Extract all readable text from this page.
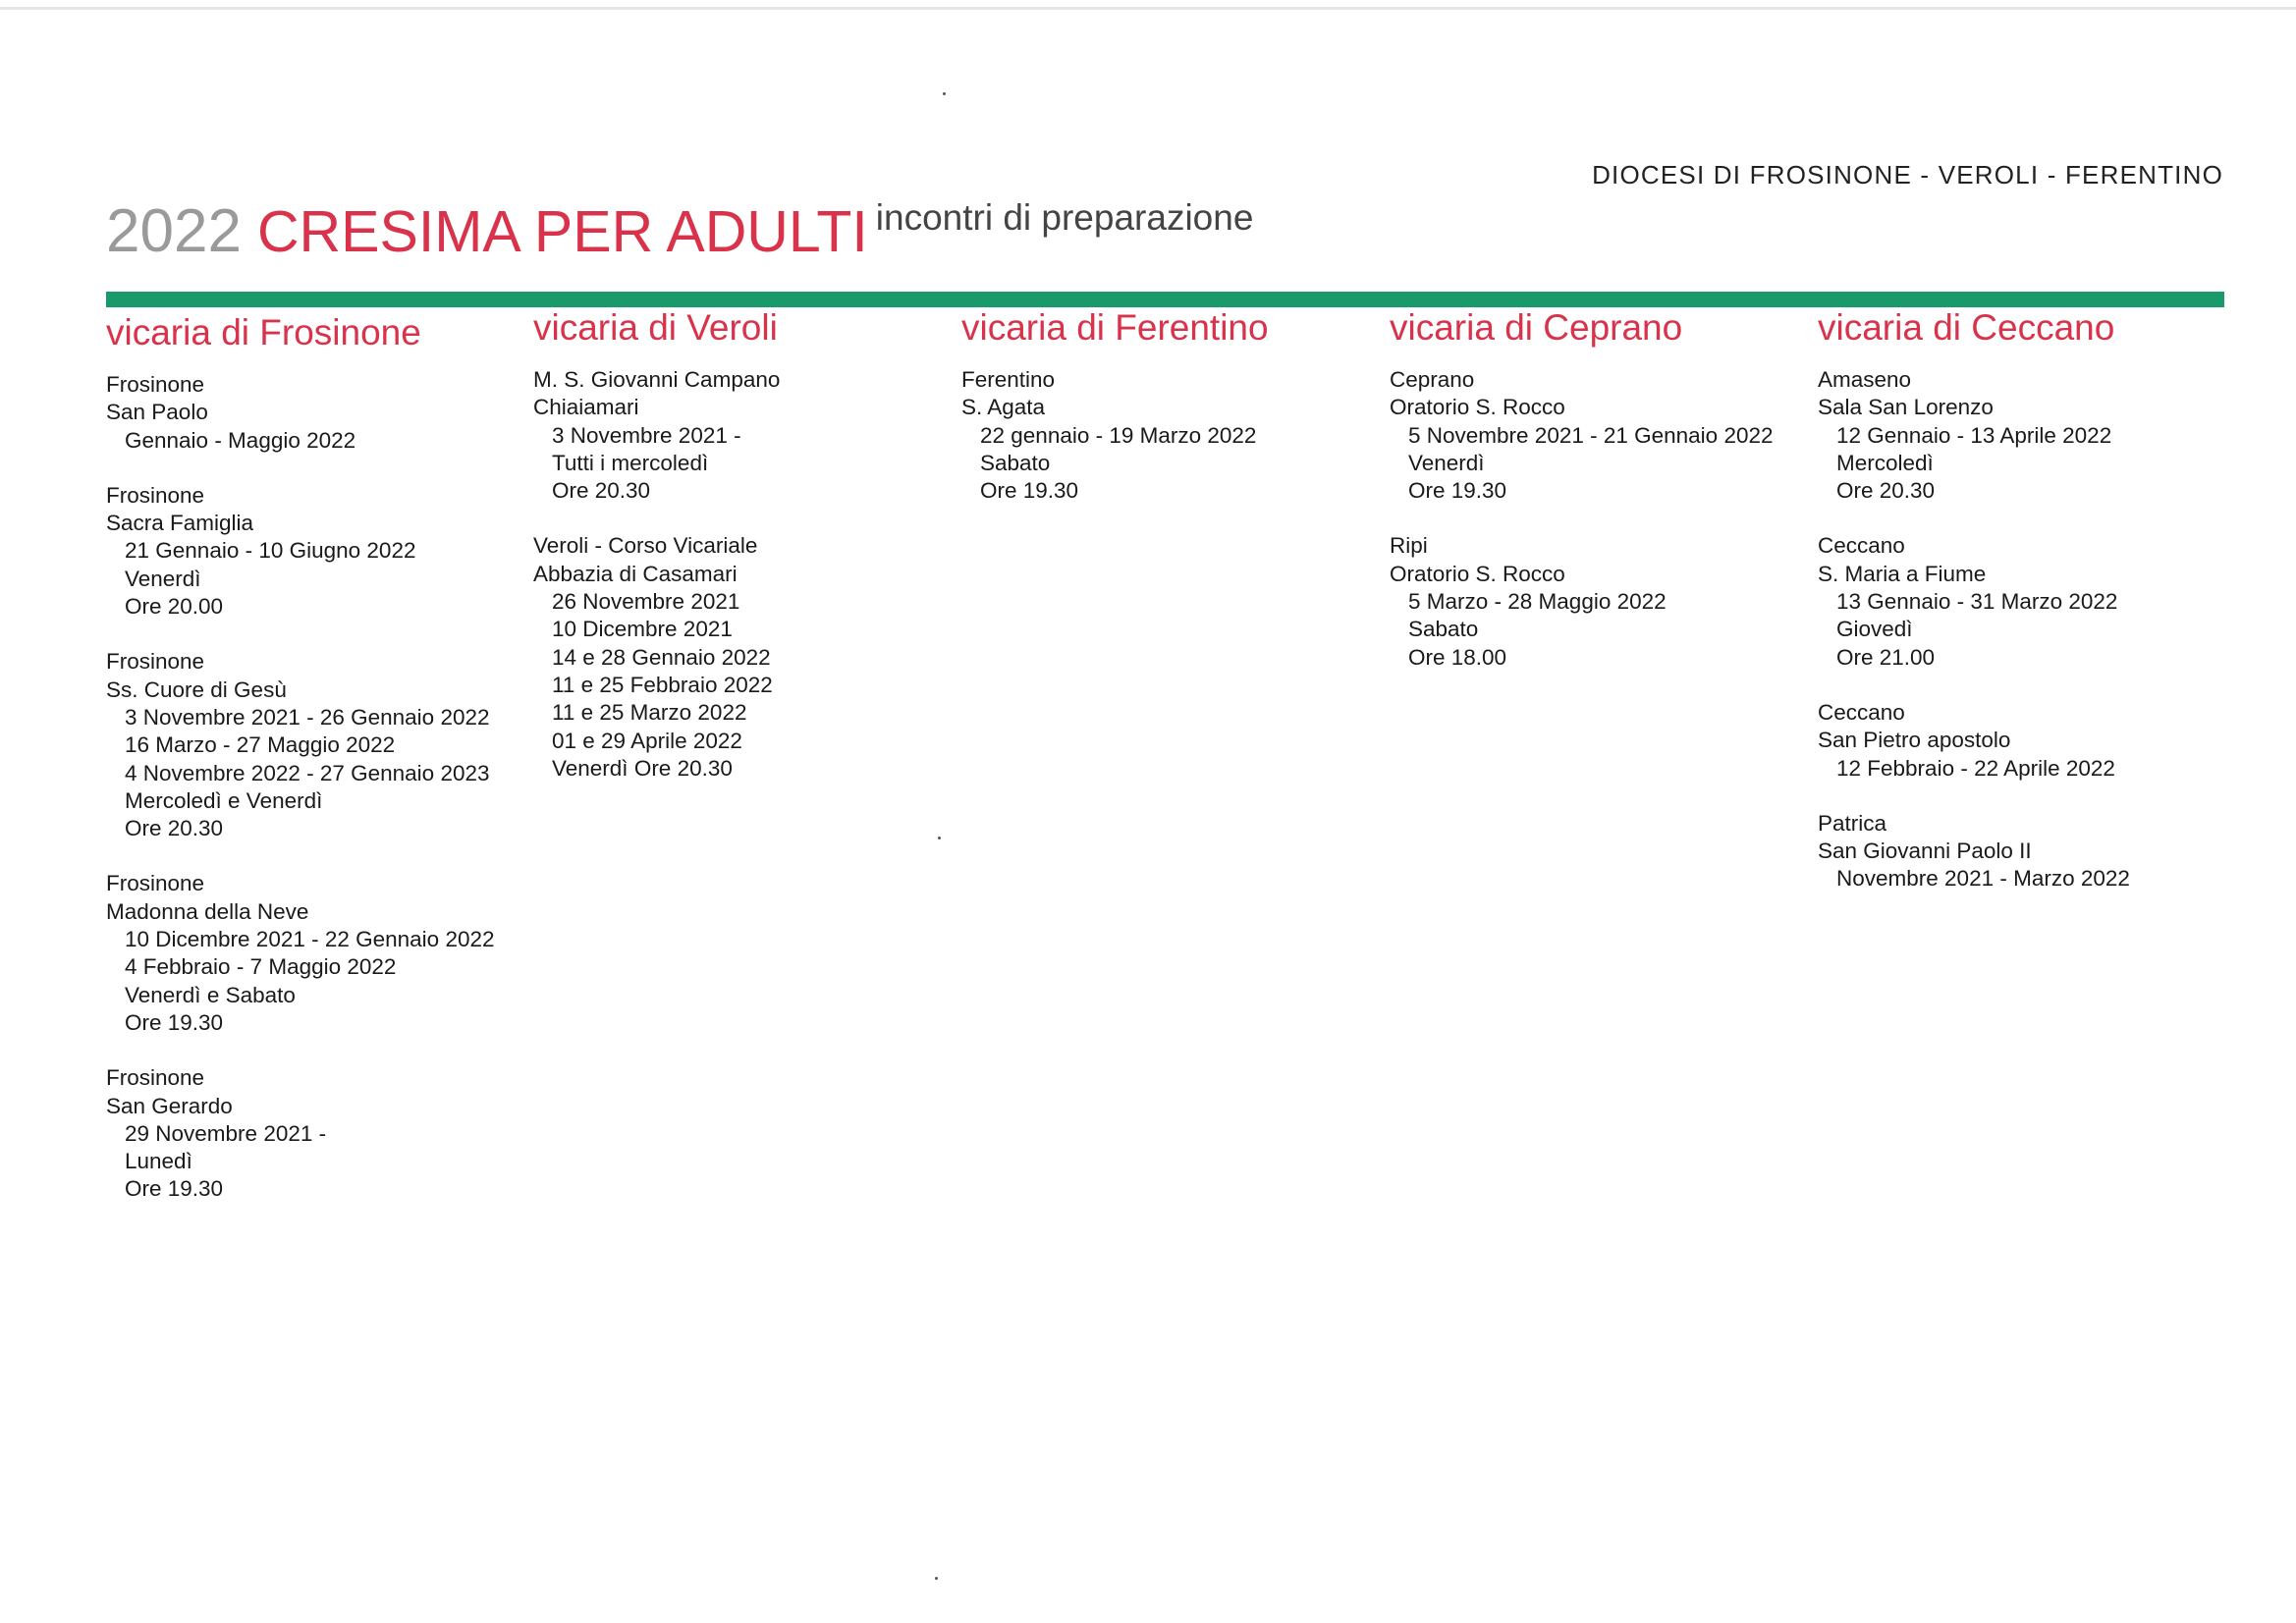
DIOCESI DI FROSINONE - VEROLI - FERENTINO
2022 CRESIMA PER ADULTI incontri di preparazione
vicaria di Frosinone
Frosinone
San Paolo
Gennaio - Maggio 2022
Frosinone
Sacra Famiglia
21 Gennaio - 10 Giugno 2022
Venerdì
Ore 20.00
Frosinone
Ss. Cuore di Gesù
3 Novembre 2021 - 26 Gennaio 2022
16 Marzo - 27 Maggio 2022
4 Novembre 2022 - 27 Gennaio 2023
Mercoledì e Venerdì
Ore 20.30
Frosinone
Madonna della Neve
10 Dicembre 2021 - 22 Gennaio 2022
4 Febbraio - 7 Maggio 2022
Venerdì e Sabato
Ore 19.30
Frosinone
San Gerardo
29 Novembre 2021 -
Lunedì
Ore 19.30
vicaria di Veroli
M. S. Giovanni Campano
Chiaiamari
3 Novembre 2021 -
Tutti i mercoledì
Ore 20.30
Veroli - Corso Vicariale
Abbazia di Casamari
26 Novembre 2021
10 Dicembre 2021
14 e 28 Gennaio 2022
11 e 25 Febbraio 2022
11 e 25 Marzo 2022
01 e 29 Aprile 2022
Venerdì Ore 20.30
vicaria di Ferentino
Ferentino
S. Agata
22 gennaio - 19 Marzo 2022
Sabato
Ore 19.30
vicaria di Ceprano
Ceprano
Oratorio S. Rocco
5 Novembre 2021 - 21 Gennaio 2022
Venerdì
Ore 19.30
Ripi
Oratorio S. Rocco
5 Marzo - 28 Maggio 2022
Sabato
Ore 18.00
vicaria di Ceccano
Amaseno
Sala San Lorenzo
12 Gennaio - 13 Aprile 2022
Mercoledì
Ore 20.30
Ceccano
S. Maria a Fiume
13 Gennaio - 31 Marzo 2022
Giovedì
Ore 21.00
Ceccano
San Pietro apostolo
12 Febbraio - 22 Aprile 2022
Patrica
San Giovanni Paolo II
Novembre 2021 - Marzo 2022
